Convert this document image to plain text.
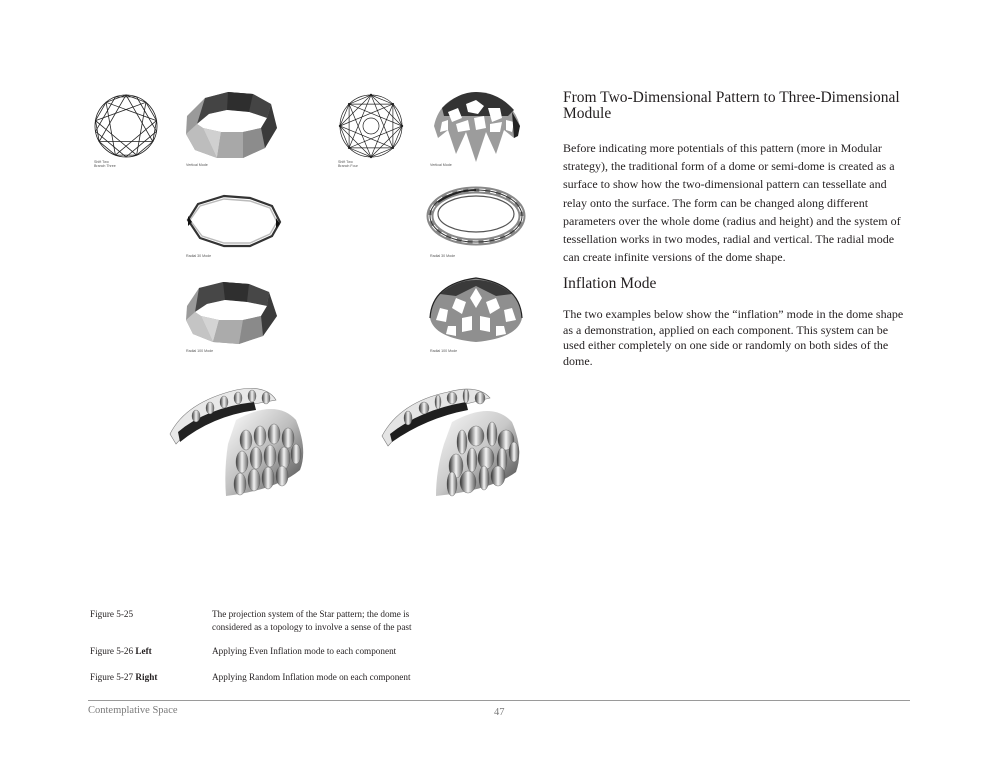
Shift Two
Branch Three	Vertical Mode
Shift Two
Branch Four	Vertical Mode
Radial 30 Mode	Radial 30 Mode
Radial 100 Mode	Radial 100 Mode
From Two-Dimensional Pattern to Three-Dimensional Module
Before indicating more potentials of this pattern (more in Modular strategy), the traditional form of a dome or semi-dome is created as a surface to show how the two-dimensional pattern can tessellate and relay onto the surface. The form can be changed along different parameters over the whole dome (radius and height) and the system of tessellation works in two modes, radial and vertical. The radial mode can create infinite versions of the dome shape.
Inflation Mode
The two examples below show the “inflation” mode in the dome shape as a demonstration, applied on each component. This system can be used either completely on one side or randomly on both sides of the dome.
Figure 5-25	The projection system of the Star pattern; the dome is considered as a topology to involve a sense of the past
Figure 5-26 Left	Applying Even Inflation mode to each component
Figure 5-27 Right	Applying Random Inflation mode on each component
Contemplative Space	47
